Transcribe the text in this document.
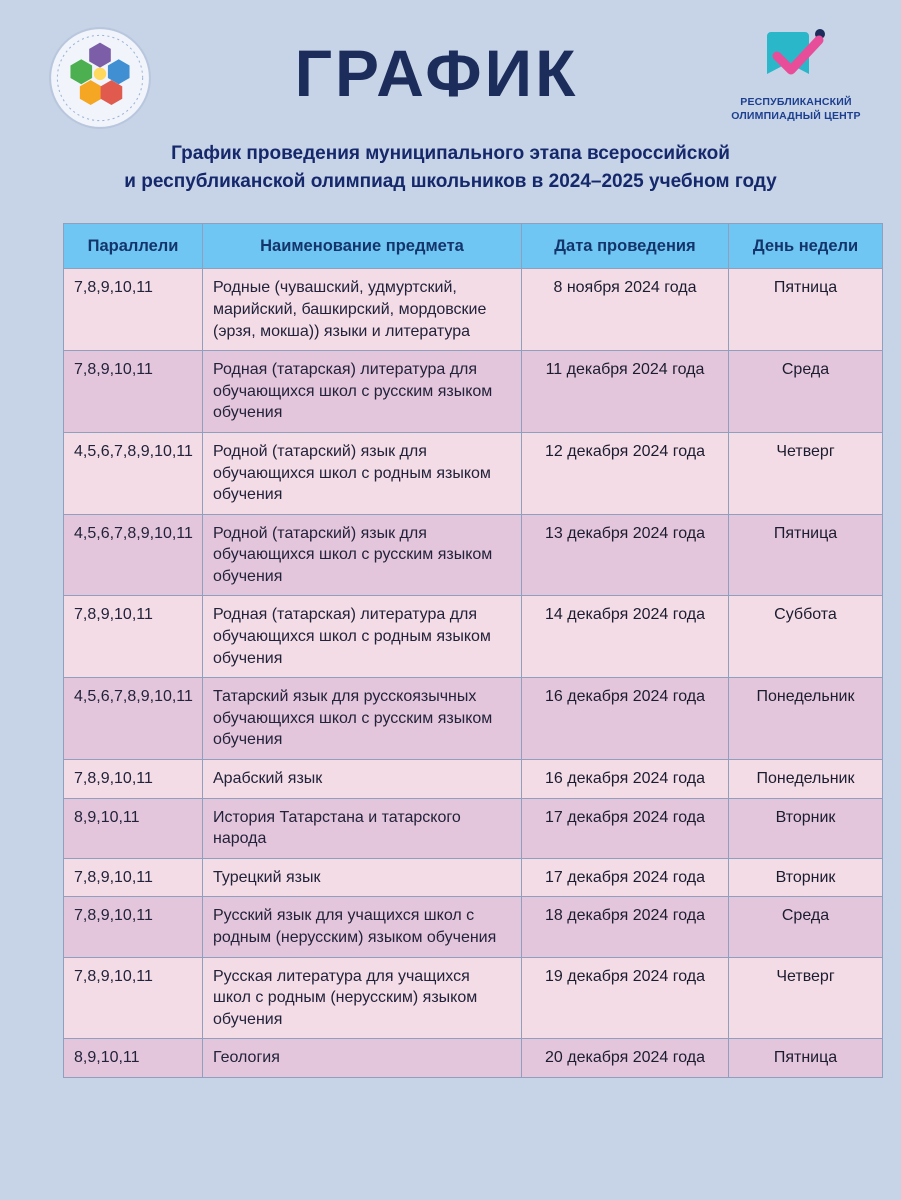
ГРАФИК	РЕСПУБЛИКАНСКИЙ
ОЛИМПИАДНЫЙ ЦЕНТР
График проведения муниципального этапа всероссийской
и республиканской олимпиад школьников в 2024–2025 учебном году
Параллели	Наименование предмета	Дата проведения	День недели
7,8,9,10,11	Родные (чувашский, удмуртский, марийский, башкирский, мордовские (эрзя, мокша)) языки и литература	8 ноября 2024 года	Пятница
7,8,9,10,11	Родная (татарская) литература для обучающихся школ с русским языком обучения	11 декабря 2024 года	Среда
4,5,6,7,8,9,10,11	Родной (татарский) язык для обучающихся школ с родным языком обучения	12 декабря 2024 года	Четверг
4,5,6,7,8,9,10,11	Родной (татарский) язык для обучающихся школ с русским языком обучения	13 декабря 2024 года	Пятница
7,8,9,10,11	Родная (татарская) литература для обучающихся школ с родным языком обучения	14 декабря 2024 года	Суббота
4,5,6,7,8,9,10,11	Татарский язык для русскоязычных обучающихся школ с русским языком обучения	16 декабря 2024 года	Понедельник
7,8,9,10,11	Арабский язык	16 декабря 2024 года	Понедельник
8,9,10,11	История Татарстана и татарского народа	17 декабря 2024 года	Вторник
7,8,9,10,11	Турецкий язык	17 декабря 2024 года	Вторник
7,8,9,10,11	Русский язык для учащихся школ с родным (нерусским) языком обучения	18 декабря 2024 года	Среда
7,8,9,10,11	Русская литература для учащихся школ с родным (нерусским) языком обучения	19 декабря 2024 года	Четверг
8,9,10,11	Геология	20 декабря 2024 года	Пятница
